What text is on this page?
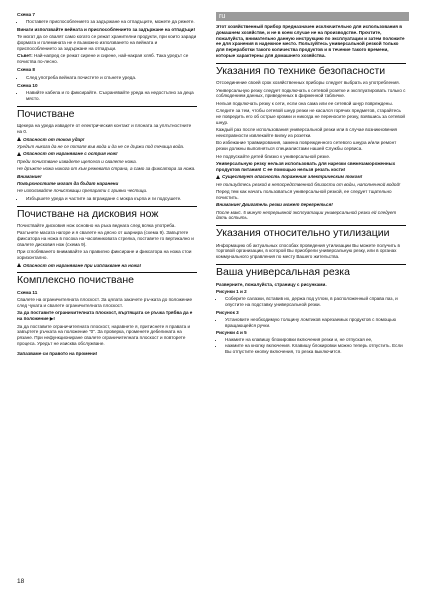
Схема 7

• Поставете приспособлението за задържане на отпадъците, можете да режете.

Винаги използвайте вейната и приспособлението за задържане на отпадъци!

Те могат да се свалят само когато се режат хранителни продукти, при които заради формата и големината не е възможно използването на вейната и приспособлението за задържане на отпадъци.

Съвет: Най-напред се режат сирене и сирене, най-накрая хляб. Така уредът се почиства по-лесно.

Схема 8

• След употреба вейната почистете и спънете уреда.

Схема 10

• Навийте кабела и го фиксирайте. Съхранявайте уреда на недостъпно за деца място.
Почистване

Щекера на уреда извадете от електрическия контакт и плоната за уплътностните на 0.

Опасност от токов удар!

Уредът никога да не се потапя във вода и да не се държи под течаща вода.

Опасност от нараняване с острия нож!

Преди почистване извадете щепсела и свалете ножа.

Не дръжте ножа никога от към режевата страна, а само за фиксатора за ножа.

Внимание!

Повърхностите могат да бъдат наранени

Не използвайте почистващи препарати с гривни честици.

• Избършете уреда и частите за вграждане с мокра кърпа и ги подсушете.
Почистване на дисковия нож

Почиствайте дисковия нож основно на ръка веднага след всяка употреба.

Разгънете масата нагоре и я свалете на дясно от шарнира (схема 9). Завъртете фиксатора на ножа в посока на часовниковата стрелка, поставете го вертикално и свалете дисковия нож (схема 9).

При сглобяването внимавайте за правилно фиксиране и фиксатора на ножа стои хоризонтално.

Опасност от нараняване при изплакване на ножа!

Комплексно почистване

Схема 11

Свалете на ограничителната плоскост. За цялата закачете ръчката до положение след чуката и свалете ограничителната плоскост.

За да поставите ограничителната плоскост, въртящата се ръчка трябва да е на положение ▶!

За да поставите ограничителната плоскост, наравнете я, притиснете я правата и завъртете ръчката на положение "0". За проверка, променете дебелината на рязане. При нефункциониране свалете ограничителната плоскост и повторете процеса. Уредът не изисква обслужване.

Запазваме си правото на промени!

ru

Этот хозяйственный прибор предназначен исключительно для использования в домашнем хозяйстве, и не в коем случае не на производстве. Прочтите, пожалуйста, внимательно данную инструкцию по эксплуатации и затем положите ее для хранения в надежное место. Пользуйтесь универсальной резкой только для переработки такого количества продуктов и в течение такого времени, которые характерны для домашнего хозяйства.

Указания по технике безопасности

Отсоединение своей срок хозяйственных приборы следует выбрать из употребления.

Универсальную резку следует подключать к сетевой розетке и эксплуатировать только с соблюдением данных, приведенных в фирменной табличке.

Нельзя подключать резку к сети, если она сама или ее сетевой шнур повреждены.

Следите за тем, чтобы сетевой шнур резки не касался горячих предметов, старайтесь не повредить его об острые кромки и никогда не переносите резку, взявшись за сетевой шнур.

Каждый раз после использования универсальной резки или в случае возникновения неисправности извлекайте вилку из розетки.

Во избежание травмирования, замена поврежденного сетевого шнура и/или ремонт резки должны выполняться специалистами нашей Службы сервиса.

Не подпускайте детей близко к универсальной резке.

Универсальную резку нельзя использовать для нарезки свежезамороженных продуктов питания! С ее помощью нельзя резать кости!

Существует опасность поражения электрическим током!

Не пользуйтесь резкой в непосредственной близости от воды, наполненной водой!

Перед тем как начать пользоваться универсальной резкой, ее следует тщательно почистить.

Внимание! Двигатель резки может перегреться!

После макс. 5 минут непрерывной эксплуатации универсальной резки ей следует дать остыть.

Указания относительно утилизации

Информацию об актуальных способах проведения утилизации Вы можете получить в торговой организации, в которой Вы приобрели универсальную резку, или в органах коммунального управления по месту Вашего жительства.

Ваша универсальная резка

Разверните, пожалуйста, страницу с рисунками.

Рисунки 1 и 2

• Соберите салазки, вставив их, держа под углом, в расположенный справа паз, и опустите на подставку универсальной резки.

Рисунок 3

• Установите необходимую толщину ломтиков нарезаемых продуктов с помощью вращающейся ручки.

Рисунки 4 и 5

• Нажмите на клавишу блокировки включения резки и, не отпуская ее,
• нажмите на кнопку включения. Клавишу блокировки можно теперь отпустить. Если Вы отпустите кнопку включения, то резка выключится.
18
